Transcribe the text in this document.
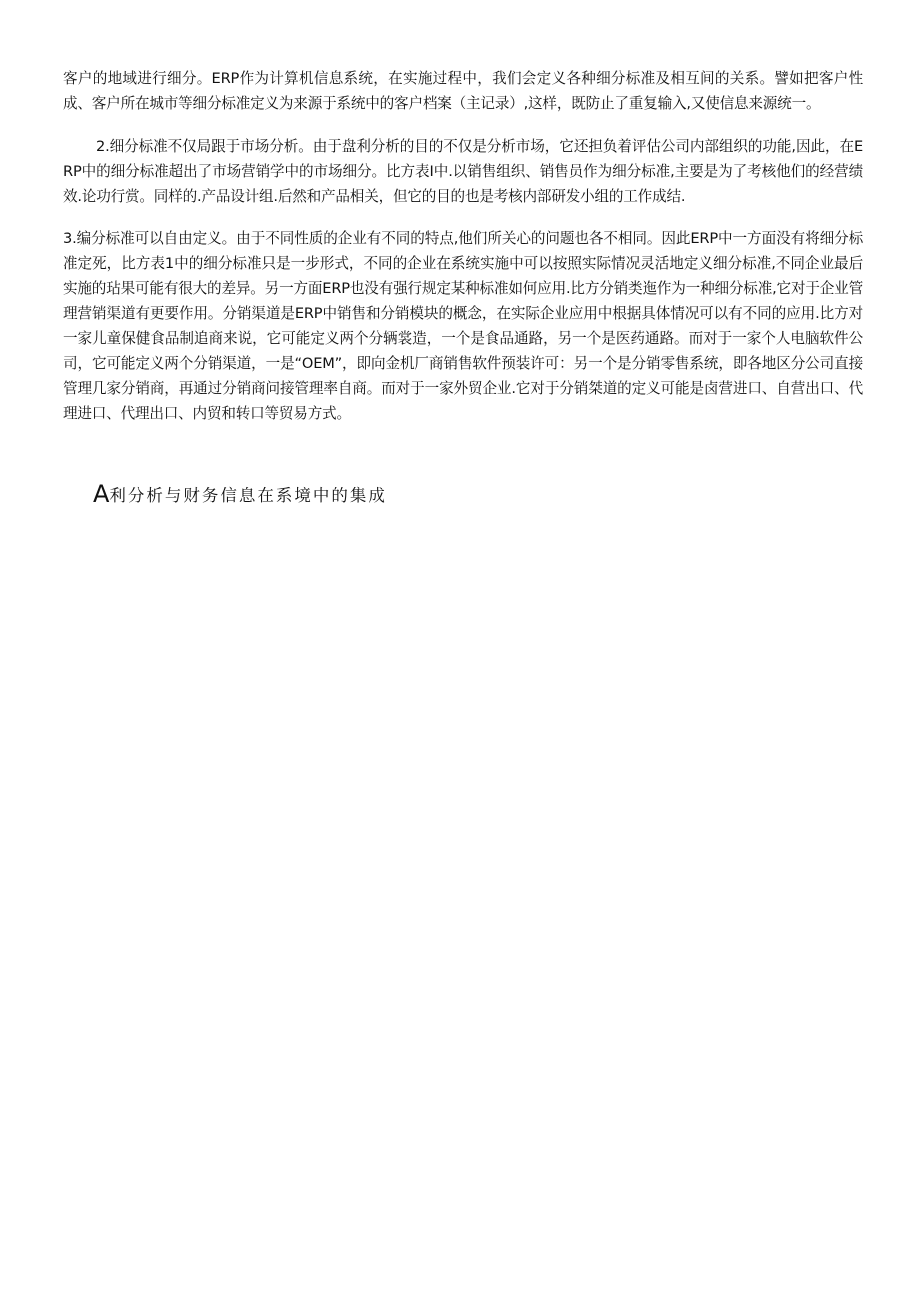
客户的地域进行细分。ERP作为计算机信息系统，在实施过程中，我们会定义各种细分标准及相互间的关系。譬如把客户性成、客户所在城市等细分标准定义为来源于系统中的客户档案（主记录）,这样，既防止了重复输入,又使信息来源统一。

2.细分标准不仅局跟于市场分析。由于盘利分析的目的不仅是分析市场，它还担负着评估公司内部组织的功能,因此，在ERP中的细分标准超出了市场营销学中的市场细分。比方表I中.以销售组织、销售员作为细分标准,主要是为了考核他们的经营绩效.论功行赏。同样的.产品设计组.后然和产品相关，但它的目的也是考核内部研发小组的工作成结.

3.编分标准可以自由定义。由于不同性质的企业有不同的特点,他们所关心的问题也各不相同。因此ERP中一方面没有将细分标准定死，比方表1中的细分标准只是一步形式，不同的企业在系统实施中可以按照实际情况灵活地定义细分标准,不同企业最后实施的玷果可能有很大的差异。另一方面ERP也没有强行规定某种标准如何应用.比方分销类迤作为一种细分标准,它对于企业管理营销渠道有更要作用。分销渠道是ERP中销售和分销模块的概念，在实际企业应用中根据具体情况可以有不同的应用.比方对一家儿童保健食品制追商来说，它可能定义两个分辆裳造，一个是食品通路，另一个是医药通路。而对于一家个人电脑软件公司，它可能定义两个分销渠道，一是“OEM”，即向金机厂商销售软件预装许可：另一个是分销零售系统，即各地区分公司直接管理几家分销商，再通过分销商问接管理率自商。而对于一家外贸企业.它对于分销桀道的定义可能是卤营进口、自营出口、代理进口、代理出口、内贸和转口等贸易方式。

A利分析与财务信息在系境中的集成
